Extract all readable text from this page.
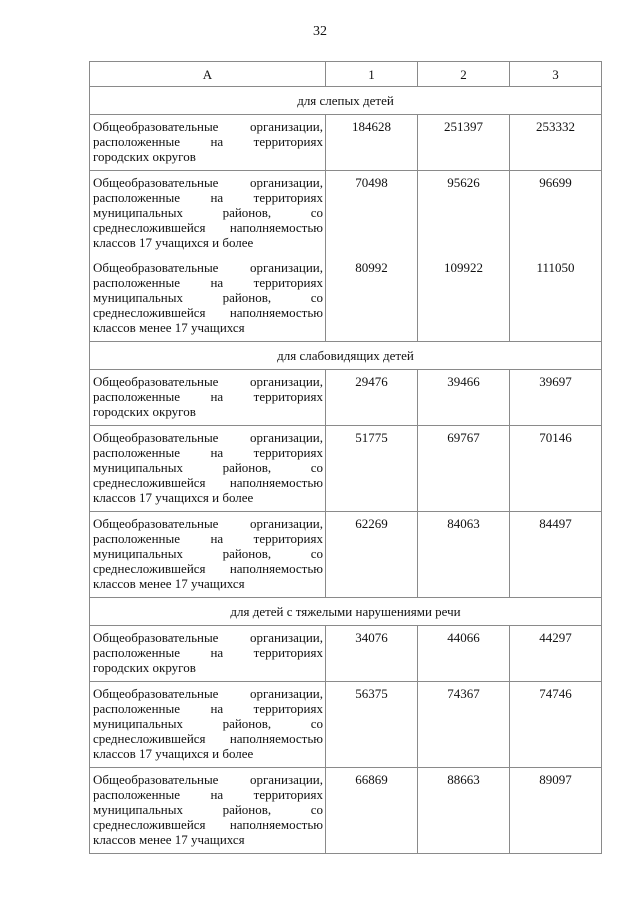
32
А	1	2	3
для слепых детей			
Общеобразовательные организации, расположенные на территориях городских округов	184628	251397	253332
Общеобразовательные организации, расположенные на территориях муниципальных районов, со среднесложившейся наполняемостью классов 17 учащихся и более	70498	95626	96699
Общеобразовательные организации, расположенные на территориях муниципальных районов, со среднесложившейся наполняемостью классов менее 17 учащихся	80992	109922	111050
для слабовидящих детей			
Общеобразовательные организации, расположенные на территориях городских округов	29476	39466	39697
Общеобразовательные организации, расположенные на территориях муниципальных районов, со среднесложившейся наполняемостью классов 17 учащихся и более	51775	69767	70146
Общеобразовательные организации, расположенные на территориях муниципальных районов, со среднесложившейся наполняемостью классов менее 17 учащихся	62269	84063	84497
для детей с тяжелыми нарушениями речи			
Общеобразовательные организации, расположенные на территориях городских округов	34076	44066	44297
Общеобразовательные организации, расположенные на территориях муниципальных районов, со среднесложившейся наполняемостью классов 17 учащихся и более	56375	74367	74746
Общеобразовательные организации, расположенные на территориях муниципальных районов, со среднесложившейся наполняемостью классов менее 17 учащихся	66869	88663	89097
